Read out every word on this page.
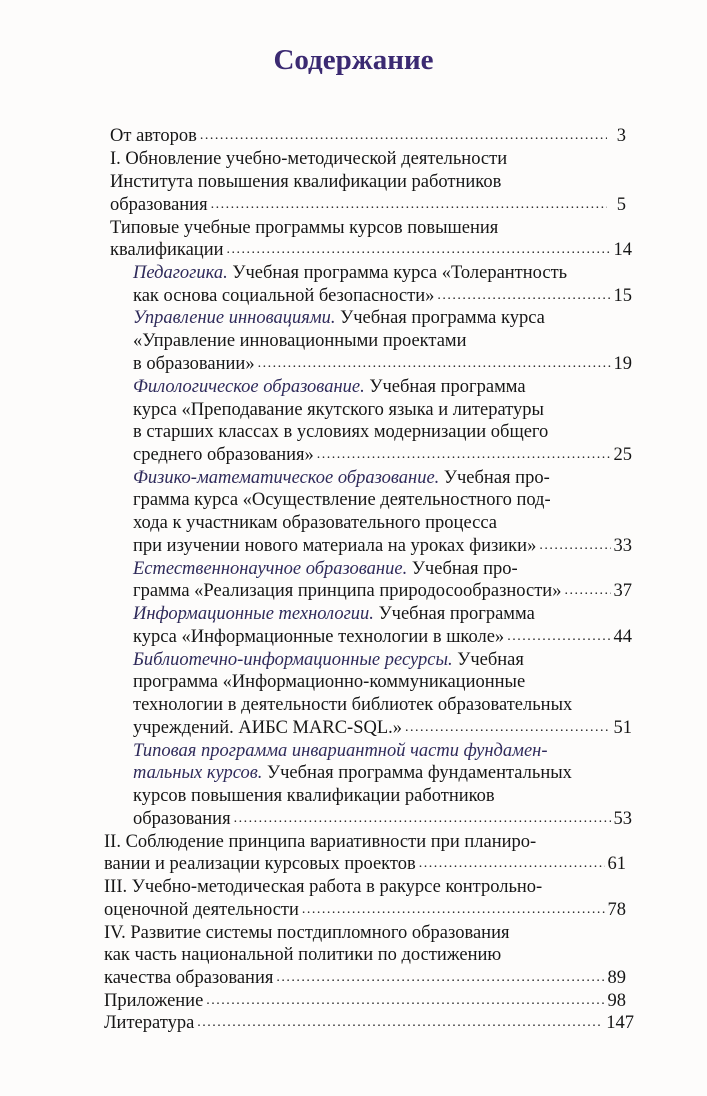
Содержание
От авторов .....	3
I. Обновление учебно-методической деятельности
Института повышения квалификации работников
образования .....	5
Типовые учебные программы курсов повышения
квалификации .....	14
Педагогика. Учебная программа курса «Толерантность
как основа социальной безопасности» .....	15
Управление инновациями. Учебная программа курса
«Управление инновационными проектами
в образовании» .....	19
Филологическое образование. Учебная программа
курса «Преподавание якутского языка и литературы
в старших классах в условиях модернизации общего
среднего образования» .....	25
Физико-математическое образование. Учебная про-
грамма курса «Осуществление деятельностного под-
хода к участникам образовательного процесса
при изучении нового материала на уроках физики» .....	33
Естественнонаучное образование. Учебная про-
грамма «Реализация принципа природосообразности» .....	37
Информационные технологии. Учебная программа
курса «Информационные технологии в школе» .....	44
Библиотечно-информационные ресурсы. Учебная
программа «Информационно-коммуникационные
технологии в деятельности библиотек образовательных
учреждений. АИБС MARC-SQL.» .....	51
Типовая программа инвариантной части фундамен-
тальных курсов. Учебная программа фундаментальных
курсов повышения квалификации работников
образования .....	53
II. Соблюдение принципа вариативности при планиро-
вании и реализации курсовых проектов .....	61
III. Учебно-методическая работа в ракурсе контрольно-
оценочной деятельности .....	78
IV. Развитие системы постдипломного образования
как часть национальной политики по достижению
качества образования .....	89
Приложение .....	98
Литература .....	147
